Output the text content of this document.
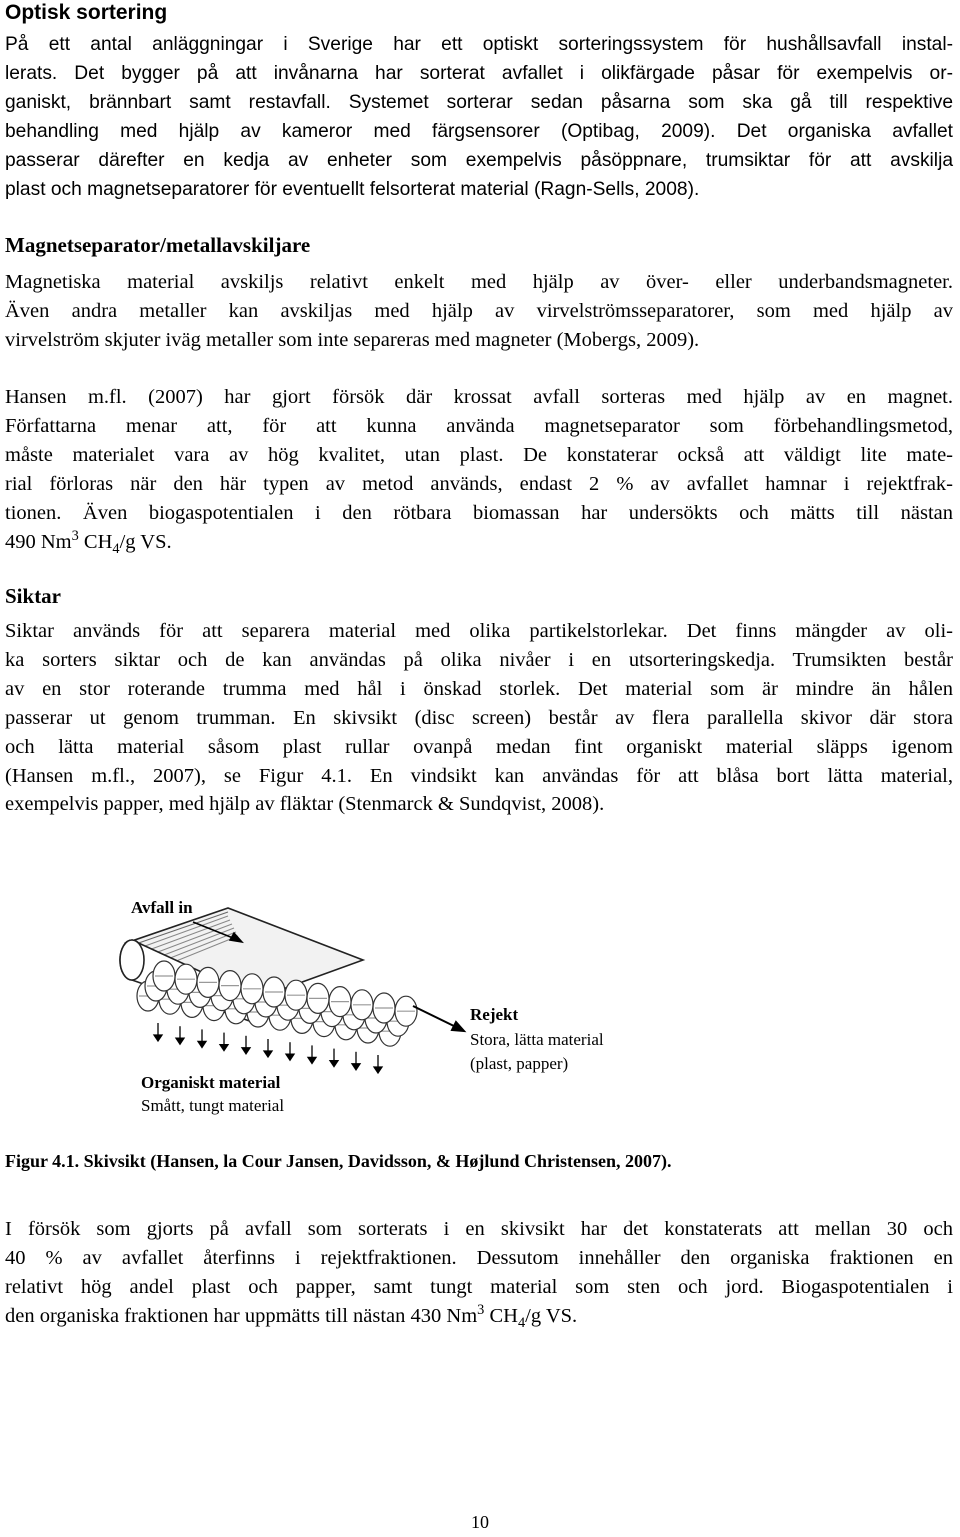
Optisk sortering
På ett antal anläggningar i Sverige har ett optiskt sorteringssystem för hushållsavfall instal-
lerats. Det bygger på att invånarna har sorterat avfallet i olikfärgade påsar för exempelvis or-
ganiskt, brännbart samt restavfall. Systemet sorterar sedan påsarna som ska gå till respektive
behandling med hjälp av kameror med färgsensorer (Optibag, 2009). Det organiska avfallet
passerar därefter en kedja av enheter som exempelvis påsöppnare, trumsiktar för att avskilja
plast och magnetseparatorer för eventuellt felsorterat material (Ragn-Sells, 2008).
Magnetseparator/metallavskiljare
Magnetiska material avskiljs relativt enkelt med hjälp av över- eller underbandsmagneter.
Även andra metaller kan avskiljas med hjälp av virvelströmsseparatorer, som med hjälp av
virvelström skjuter iväg metaller som inte separeras med magneter (Mobergs, 2009).
Hansen m.fl. (2007) har gjort försök där krossat avfall sorteras med hjälp av en magnet.
Författarna menar att, för att kunna använda magnetseparator som förbehandlingsmetod,
måste materialet vara av hög kvalitet, utan plast. De konstaterar också att väldigt lite mate-
rial förloras när den här typen av metod används, endast 2 % av avfallet hamnar i rejektfrak-
tionen. Även biogaspotentialen i den rötbara biomassan har undersökts och mätts till nästan
490 Nm$^3$ $CH_4/g$ VS.
Siktar
Siktar används för att separera material med olika partikelstorlekar. Det finns mängder av oli-
ka sorters siktar och de kan användas på olika nivåer i en utsorteringskedja. Trumsikten består
av en stor roterande trumma med hål i önskad storlek. Det material som är mindre än hålen
passerar ut genom trumman. En skivsikt (disc screen) består av flera parallella skivor där stora
och lätta material såsom plast rullar ovanpå medan fint organiskt material släpps igenom
(Hansen m.fl., 2007), se Figur 4.1. En vindsikt kan användas för att blåsa bort lätta material,
exempelvis papper, med hjälp av fläktar (Stenmarck & Sundqvist, 2008).
Avfall in
Rejekt
Stora, lätta material
(plast, papper)
Organiskt material
Smått, tungt material

Figur 4.1. Skivsikt (Hansen, la Cour Jansen, Davidsson, & Højlund Christensen, 2007).

I försök som gjorts på avfall som sorterats i en skivsikt har det konstaterats att mellan 30 och
40 % av avfallet återfinns i rejektfraktionen. Dessutom innehåller den organiska fraktionen en
relativt hög andel plast och papper, samt tungt material som sten och jord. Biogaspotentialen i
den organiska fraktionen har uppmätts till nästan 430 Nm$^3$ $CH_4/g$ VS.
10
